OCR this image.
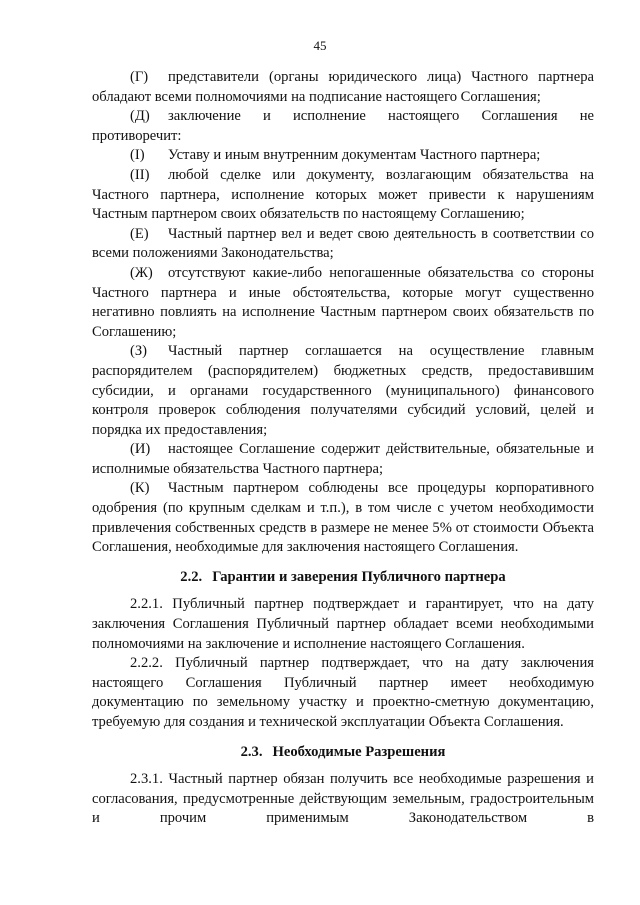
45

(Г) представители (органы юридического лица) Частного партнера обладают всеми полномочиями на подписание настоящего Соглашения;

(Д) заключение и исполнение настоящего Соглашения не противоречит:

(I) Уставу и иным внутренним документам Частного партнера;

(II) любой сделке или документу, возлагающим обязательства на Частного партнера, исполнение которых может привести к нарушениям Частным партнером своих обязательств по настоящему Соглашению;

(Е) Частный партнер вел и ведет свою деятельность в соответствии со всеми положениями Законодательства;

(Ж) отсутствуют какие-либо непогашенные обязательства со стороны Частного партнера и иные обстоятельства, которые могут существенно негативно повлиять на исполнение Частным партнером своих обязательств по Соглашению;

(З) Частный партнер соглашается на осуществление главным распорядителем (распорядителем) бюджетных средств, предоставившим субсидии, и органами государственного (муниципального) финансового контроля проверок соблюдения получателями субсидий условий, целей и порядка их предоставления;

(И) настоящее Соглашение содержит действительные, обязательные и исполнимые обязательства Частного партнера;

(К) Частным партнером соблюдены все процедуры корпоративного одобрения (по крупным сделкам и т.п.), в том числе с учетом необходимости привлечения собственных средств в размере не менее 5% от стоимости Объекта Соглашения, необходимые для заключения настоящего Соглашения.

2.2. Гарантии и заверения Публичного партнера

2.2.1. Публичный партнер подтверждает и гарантирует, что на дату заключения Соглашения Публичный партнер обладает всеми необходимыми полномочиями на заключение и исполнение настоящего Соглашения.

2.2.2. Публичный партнер подтверждает, что на дату заключения настоящего Соглашения Публичный партнер имеет необходимую документацию по земельному участку и проектно-сметную документацию, требуемую для создания и технической эксплуатации Объекта Соглашения.

2.3. Необходимые Разрешения

2.3.1. Частный партнер обязан получить все необходимые разрешения и согласования, предусмотренные действующим земельным, градостроительным и прочим применимым Законодательством в
